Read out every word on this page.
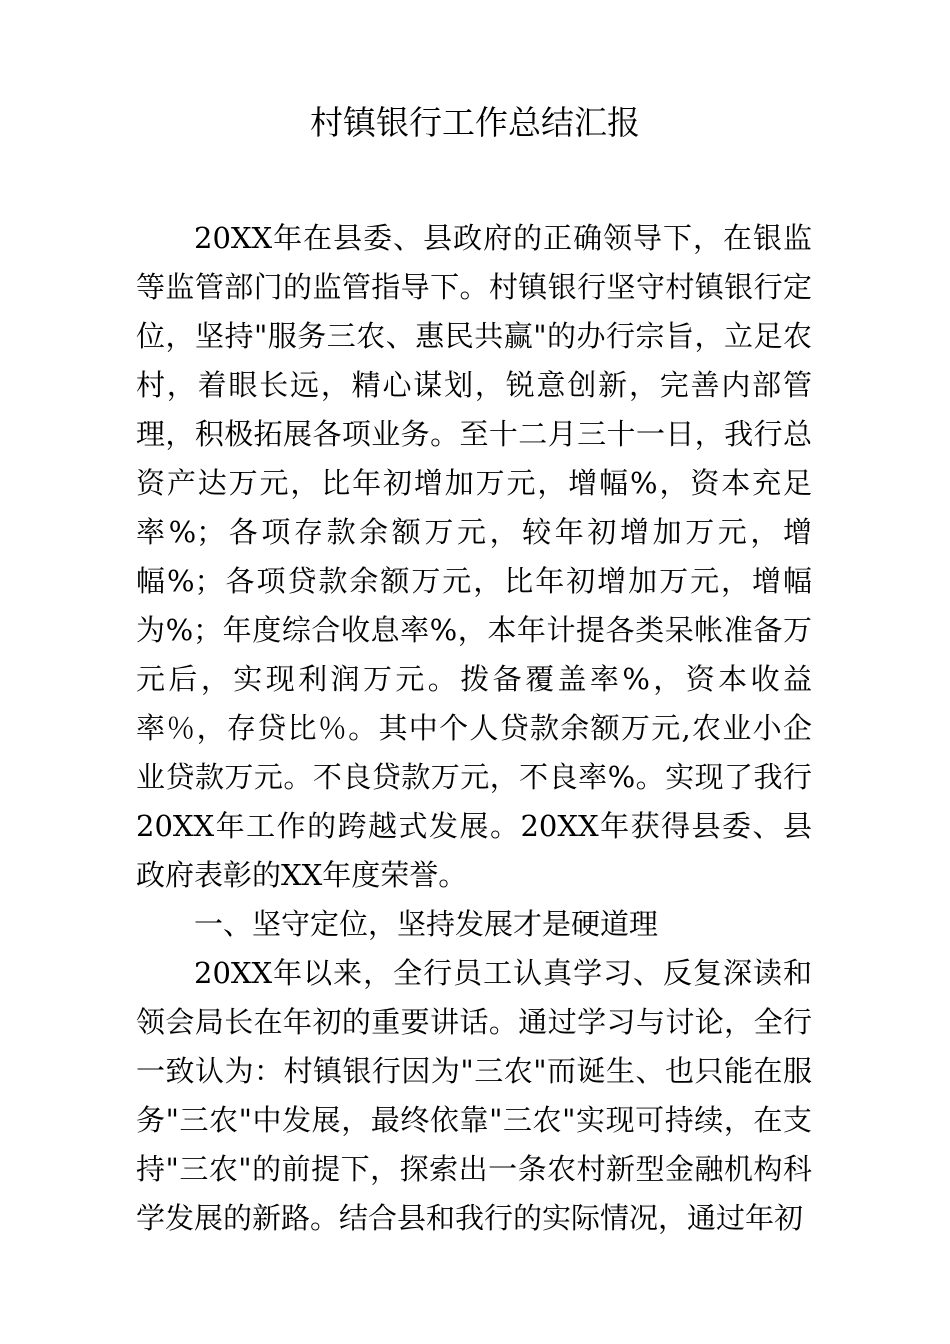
村镇银行工作总结汇报

20XX年在县委、县政府的正确领导下，在银监等监管部门的监管指导下。村镇银行坚守村镇银行定位，坚持"服务三农、惠民共赢"的办行宗旨，立足农村，着眼长远，精心谋划，锐意创新，完善内部管理，积极拓展各项业务。至十二月三十一日，我行总资产达万元，比年初增加万元，增幅%，资本充足率%；各项存款余额万元，较年初增加万元，增幅%；各项贷款余额万元，比年初增加万元，增幅为%；年度综合收息率%，本年计提各类呆帐准备万元后，实现利润万元。拨备覆盖率%，资本收益率％，存贷比％。其中个人贷款余额万元,农业小企业贷款万元。不良贷款万元，不良率%。实现了我行20XX年工作的跨越式发展。20XX年获得县委、县政府表彰的XX年度荣誉。

一、坚守定位，坚持发展才是硬道理

20XX年以来，全行员工认真学习、反复深读和领会局长在年初的重要讲话。通过学习与讨论，全行一致认为：村镇银行因为"三农"而诞生、也只能在服务"三农"中发展，最终依靠"三农"实现可持续，在支持"三农"的前提下，探索出一条农村新型金融机构科学发展的新路。结合县和我行的实际情况，通过年初
